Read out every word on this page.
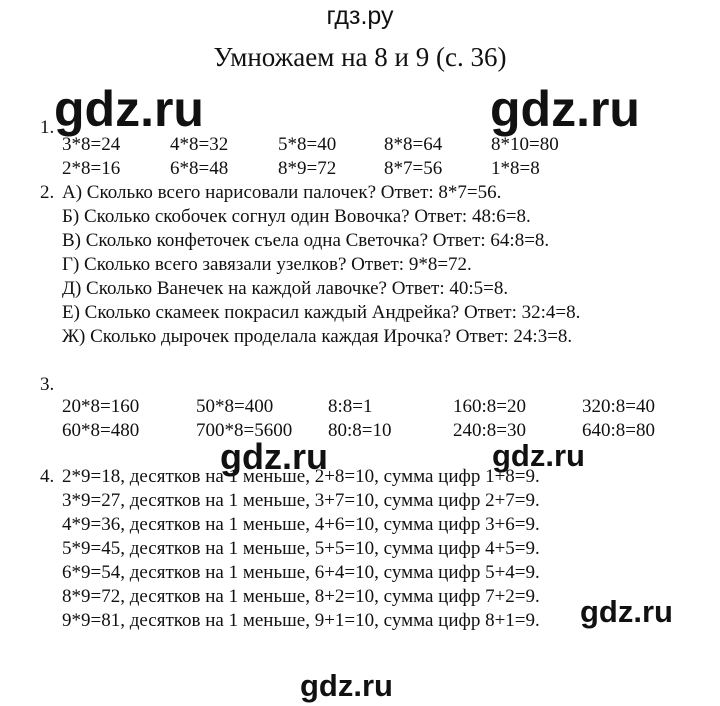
гдз.ру
gdz.ru	gdz.ru
Умножаем на 8 и 9 (с. 36)
1.
3*8=24	4*8=32	5*8=40	8*8=64	8*10=80
2*8=16	6*8=48	8*9=72	8*7=56	1*8=8
2. А) Сколько всего нарисовали палочек? Ответ: 8*7=56.
Б) Сколько скобочек согнул один Вовочка? Ответ: 48:6=8.
В) Сколько конфеточек съела одна Светочка? Ответ: 64:8=8.
Г) Сколько всего завязали узелков? Ответ: 9*8=72.
Д) Сколько Ванечек на каждой лавочке? Ответ: 40:5=8.
Е) Сколько скамеек покрасил каждый Андрейка? Ответ: 32:4=8.
Ж) Сколько дырочек проделала каждая Ирочка? Ответ: 24:3=8.
3.
20*8=160	50*8=400	8:8=1	160:8=20	320:8=40
60*8=480	700*8=5600 80:8=10	240:8=30	640:8=80
gdz.ru	gdz.ru
4. 2*9=18, десятков на 1 меньше, 2+8=10, сумма цифр 1+8=9.
3*9=27, десятков на 1 меньше, 3+7=10, сумма цифр 2+7=9.
4*9=36, десятков на 1 меньше, 4+6=10, сумма цифр 3+6=9.
5*9=45, десятков на 1 меньше, 5+5=10, сумма цифр 4+5=9.
6*9=54, десятков на 1 меньше, 6+4=10, сумма цифр 5+4=9.
8*9=72, десятков на 1 меньше, 8+2=10, сумма цифр 7+2=9.
9*9=81, десятков на 1 меньше, 9+1=10, сумма цифр 8+1=9. gdz.ru
gdz.ru
